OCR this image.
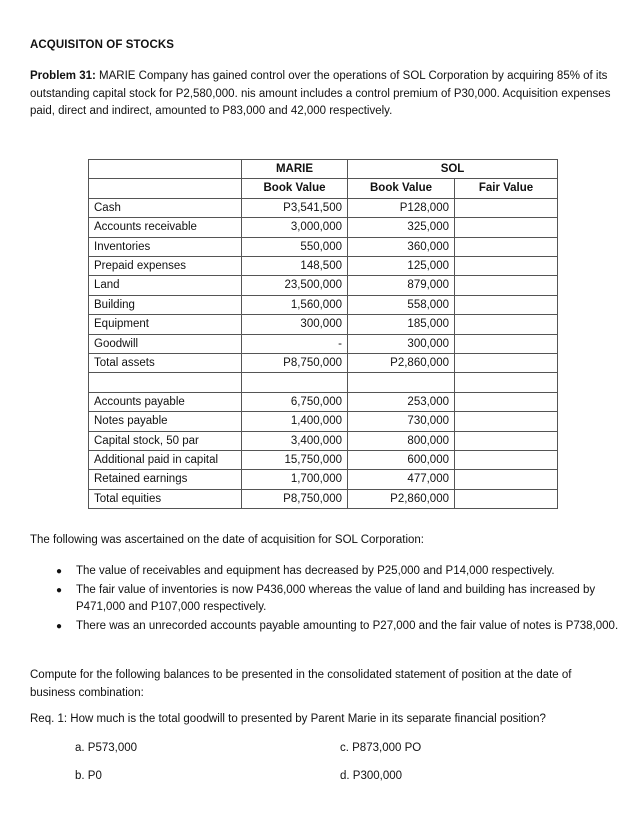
ACQUISITON OF STOCKS
Problem 31: MARIE Company has gained control over the operations of SOL Corporation by acquiring 85% of its outstanding capital stock for P2,580,000. nis amount includes a control premium of P30,000. Acquisition expenses paid, direct and indirect, amounted to P83,000 and 42,000 respectively.
	MARIE	SOL	
	Book Value	Book Value	Fair Value
Cash	P3,541,500	P128,000	
Accounts receivable	3,000,000	325,000	
Inventories	550,000	360,000	
Prepaid expenses	148,500	125,000	
Land	23,500,000	879,000	
Building	1,560,000	558,000	
Equipment	300,000	185,000	
Goodwill	-	300,000	
Total assets	P8,750,000	P2,860,000	

Accounts payable	6,750,000	253,000	
Notes payable	1,400,000	730,000	
Capital stock, 50 par	3,400,000	800,000	
Additional paid in capital	15,750,000	600,000	
Retained earnings	1,700,000	477,000	
Total equities	P8,750,000	P2,860,000	
The following was ascertained on the date of acquisition for SOL Corporation:
● The value of receivables and equipment has decreased by P25,000 and P14,000 respectively.
● The fair value of inventories is now P436,000 whereas the value of land and building has increased by P471,000 and P107,000 respectively.
● There was an unrecorded accounts payable amounting to P27,000 and the fair value of notes is P738,000.
Compute for the following balances to be presented in the consolidated statement of position at the date of business combination:
Req. 1: How much is the total goodwill to presented by Parent Marie in its separate financial position?
a. P573,000	c. P873,000 PO
b. P0	d. P300,000
